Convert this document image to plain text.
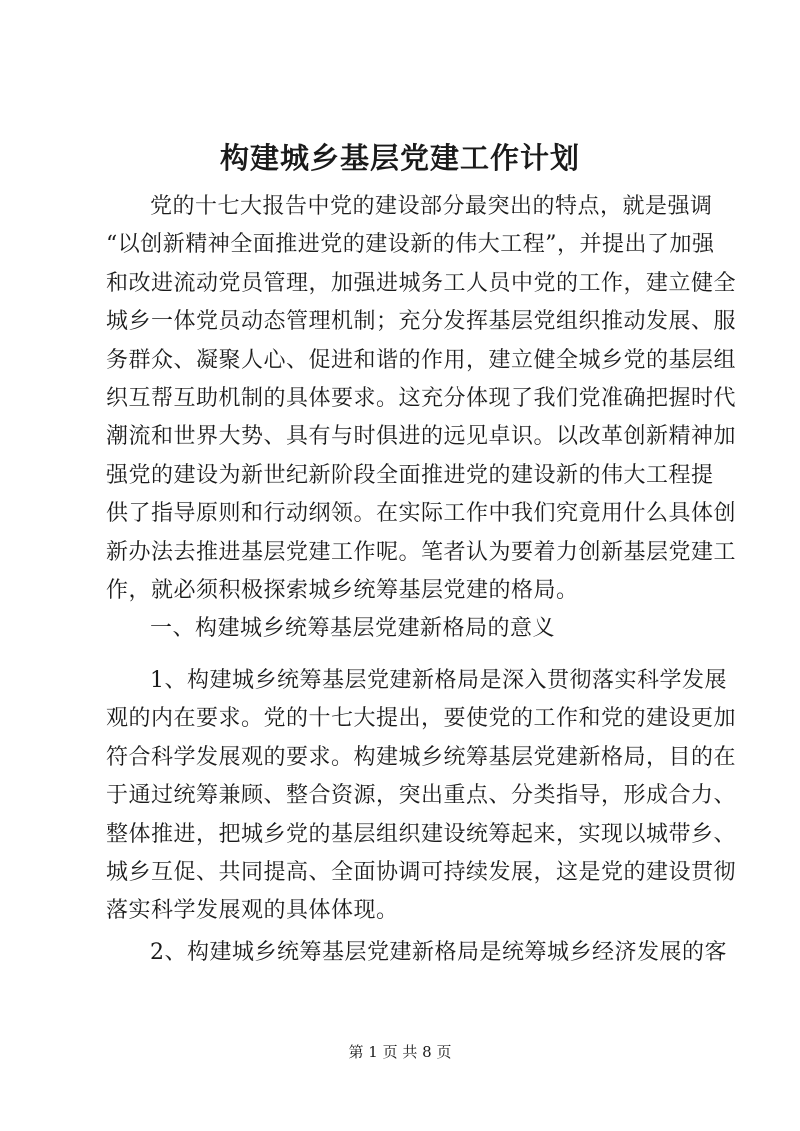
构建城乡基层党建工作计划

党的十七大报告中党的建设部分最突出的特点，就是强调
“以创新精神全面推进党的建设新的伟大工程”，并提出了加强
和改进流动党员管理，加强进城务工人员中党的工作，建立健全
城乡一体党员动态管理机制；充分发挥基层党组织推动发展、服
务群众、凝聚人心、促进和谐的作用，建立健全城乡党的基层组
织互帮互助机制的具体要求。这充分体现了我们党准确把握时代
潮流和世界大势、具有与时俱进的远见卓识。以改革创新精神加
强党的建设为新世纪新阶段全面推进党的建设新的伟大工程提
供了指导原则和行动纲领。在实际工作中我们究竟用什么具体创
新办法去推进基层党建工作呢。笔者认为要着力创新基层党建工
作，就必须积极探索城乡统筹基层党建的格局。

一、构建城乡统筹基层党建新格局的意义

1、构建城乡统筹基层党建新格局是深入贯彻落实科学发展
观的内在要求。党的十七大提出，要使党的工作和党的建设更加
符合科学发展观的要求。构建城乡统筹基层党建新格局，目的在
于通过统筹兼顾、整合资源，突出重点、分类指导，形成合力、
整体推进，把城乡党的基层组织建设统筹起来，实现以城带乡、
城乡互促、共同提高、全面协调可持续发展，这是党的建设贯彻
落实科学发展观的具体体现。

2、构建城乡统筹基层党建新格局是统筹城乡经济发展的客

第 1 页 共 8 页
